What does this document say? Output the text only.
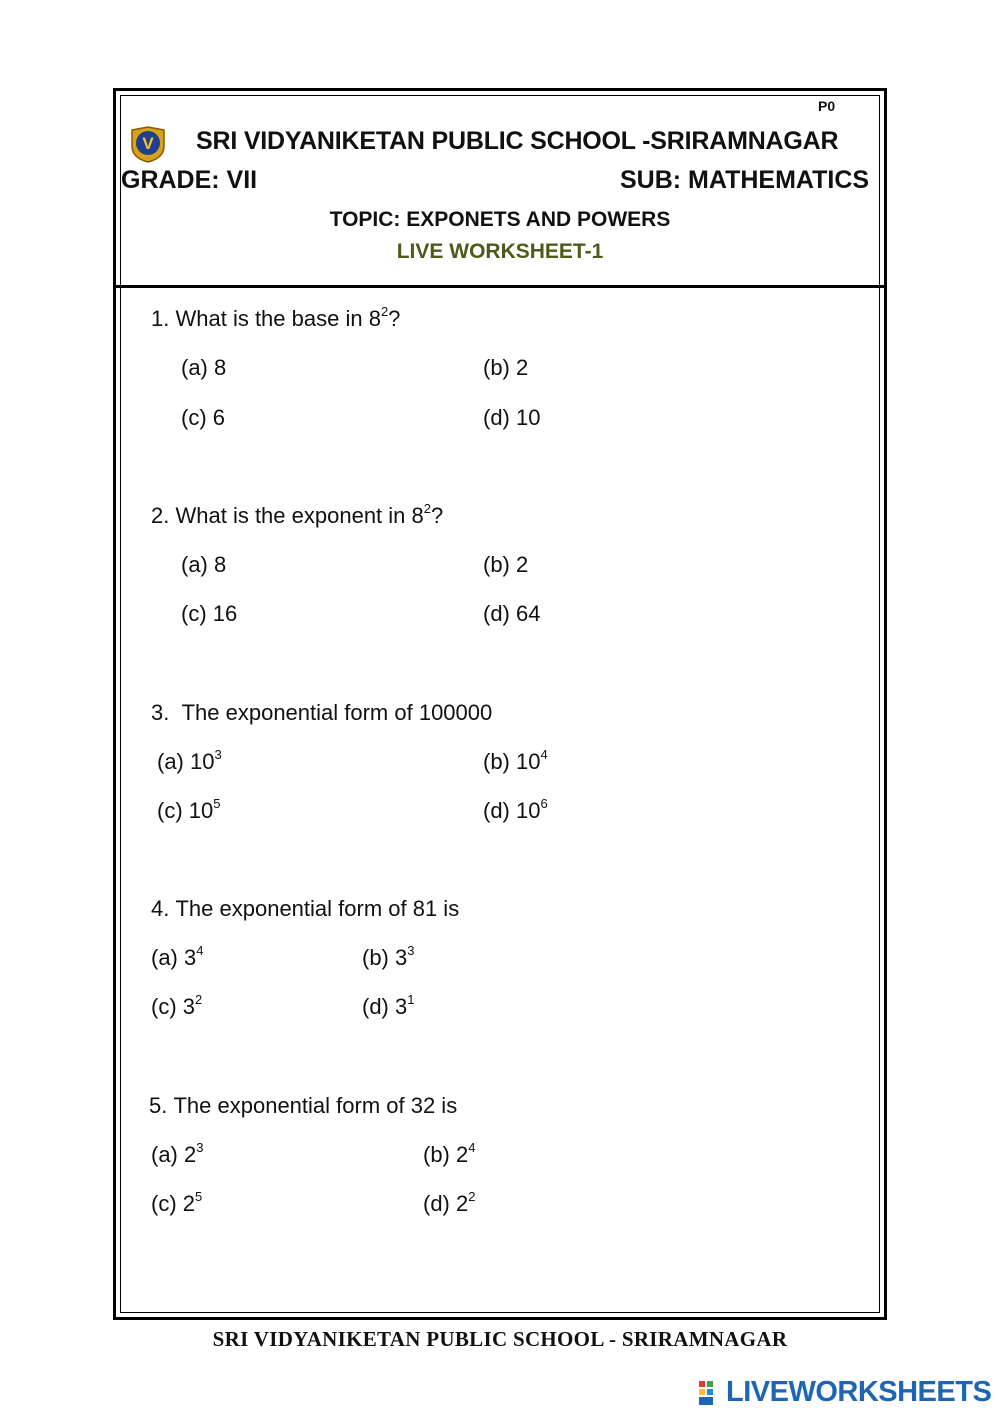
P0
V SRI VIDYANIKETAN PUBLIC SCHOOL -SRIRAMNAGAR
GRADE: VII	SUB: MATHEMATICS
TOPIC: EXPONETS AND POWERS
LIVE WORKSHEET-1
1. What is the base in $8^2$?
(a) 8	(b) 2
(c) 6	(d) 10
2. What is the exponent in $8^2$?
(a) 8	(b) 2
(c) 16	(d) 64
3. The exponential form of 100000
(a) $10^3$	(b) $10^4$
(c) $10^5$	(d) $10^6$
4. The exponential form of 81 is
(a) $3^4$	(b) $3^3$
(c) $3^2$	(d) $3^1$
5. The exponential form of 32 is
(a) $2^3$	(b) $2^4$
(c) $2^5$	(d) $2^2$
SRI VIDYANIKETAN PUBLIC SCHOOL - SRIRAMNAGAR
LIVEWORKSHEETS
